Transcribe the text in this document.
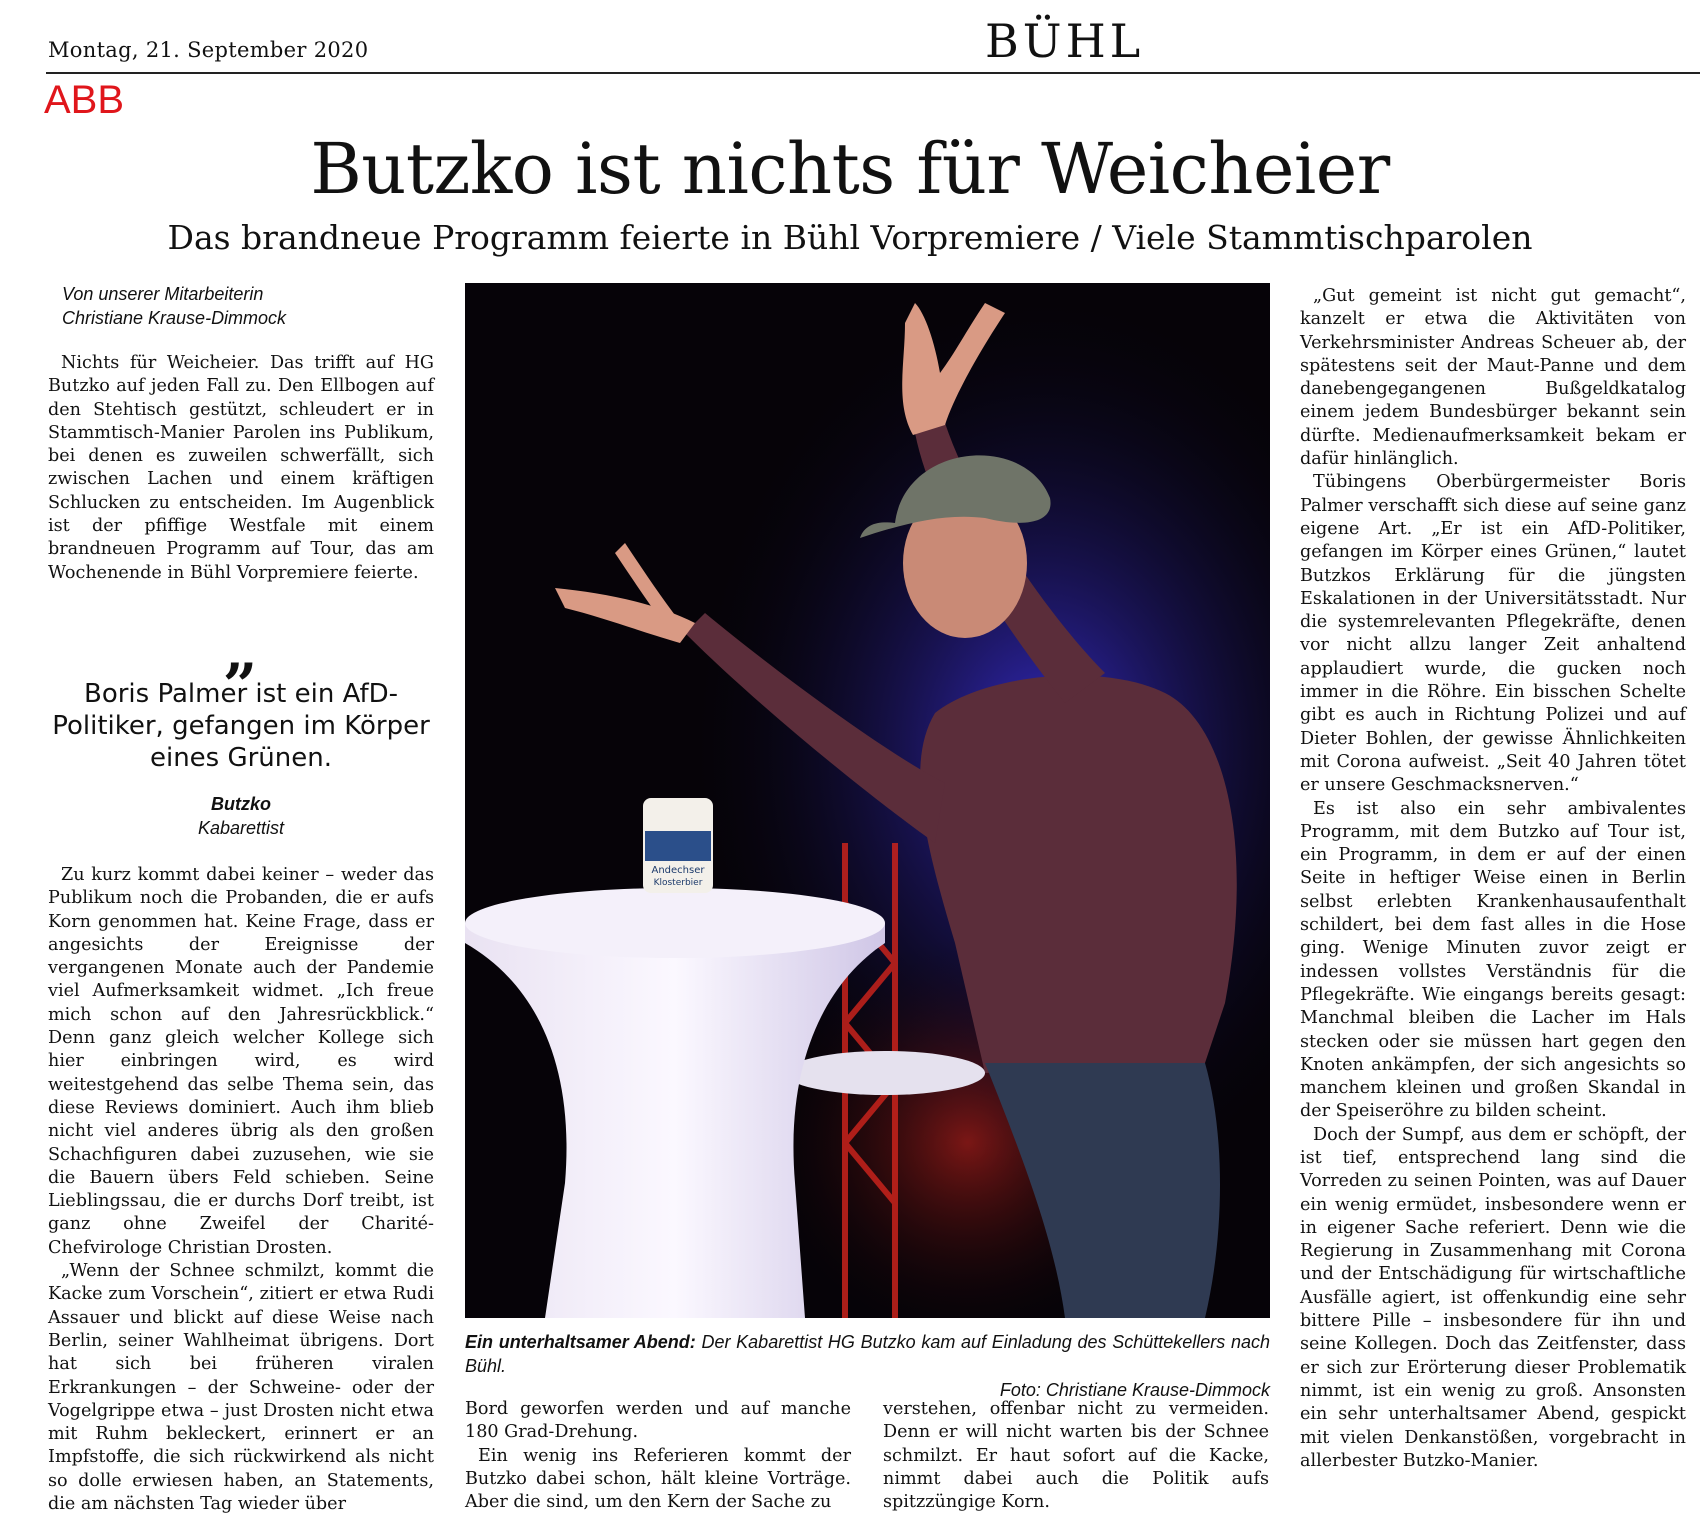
Montag, 21. September 2020	BÜHL
ABB
Butzko ist nichts für Weicheier
Das brandneue Programm feierte in Bühl Vorpremiere / Viele Stammtischparolen
Von unserer Mitarbeiterin
Christiane Krause-Dimmock

Nichts für Weicheier. Das trifft auf HG Butzko auf jeden Fall zu. Den Ellbogen auf den Stehtisch gestützt, schleudert er in Stammtisch-Manier Parolen ins Publikum, bei denen es zuweilen schwerfällt, sich zwischen Lachen und einem kräftigen Schlucken zu entscheiden. Im Augenblick ist der pfiffige Westfale mit einem brandneuen Programm auf Tour, das am Wochenende in Bühl Vorpremiere feierte.

„
Boris Palmer ist ein AfD-Politiker, gefangen im Körper eines Grünen.
Butzko
Kabarettist

Zu kurz kommt dabei keiner – weder das Publikum noch die Probanden, die er aufs Korn genommen hat. Keine Frage, dass er angesichts der Ereignisse der vergangenen Monate auch der Pandemie viel Aufmerksamkeit widmet. „Ich freue mich schon auf den Jahresrückblick.“ Denn ganz gleich welcher Kollege sich hier einbringen wird, es wird weitestgehend das selbe Thema sein, das diese Reviews dominiert. Auch ihm blieb nicht viel anderes übrig als den großen Schachfiguren dabei zuzusehen, wie sie die Bauern übers Feld schieben. Seine Lieblingssau, die er durchs Dorf treibt, ist ganz ohne Zweifel der Charité-Chefvirologe Christian Drosten.

„Wenn der Schnee schmilzt, kommt die Kacke zum Vorschein“, zitiert er etwa Rudi Assauer und blickt auf diese Weise nach Berlin, seiner Wahlheimat übrigens. Dort hat sich bei früheren viralen Erkrankungen – der Schweine- oder der Vogelgrippe etwa – just Drosten nicht etwa mit Ruhm bekleckert, erinnert er an Impfstoffe, die sich rückwirkend als nicht so dolle erwiesen haben, an Statements, die am nächsten Tag wieder über

Andechser
Klosterbier
Ein unterhaltsamer Abend: Der Kabarettist HG Butzko kam auf Einladung des Schüttekellers nach Bühl.
Foto: Christiane Krause-Dimmock

Bord geworfen werden und auf manche 180 Grad-Drehung.

Ein wenig ins Referieren kommt der Butzko dabei schon, hält kleine Vorträge. Aber die sind, um den Kern der Sache zu

verstehen, offenbar nicht zu vermeiden. Denn er will nicht warten bis der Schnee schmilzt. Er haut sofort auf die Kacke, nimmt dabei auch die Politik aufs spitzzüngige Korn.

„Gut gemeint ist nicht gut gemacht“, kanzelt er etwa die Aktivitäten von Verkehrsminister Andreas Scheuer ab, der spätestens seit der Maut-Panne und dem danebengegangenen Bußgeldkatalog einem jedem Bundesbürger bekannt sein dürfte. Medienaufmerksamkeit bekam er dafür hinlänglich.

Tübingens Oberbürgermeister Boris Palmer verschafft sich diese auf seine ganz eigene Art. „Er ist ein AfD-Politiker, gefangen im Körper eines Grünen,“ lautet Butzkos Erklärung für die jüngsten Eskalationen in der Universitätsstadt. Nur die systemrelevanten Pflegekräfte, denen vor nicht allzu langer Zeit anhaltend applaudiert wurde, die gucken noch immer in die Röhre. Ein bisschen Schelte gibt es auch in Richtung Polizei und auf Dieter Bohlen, der gewisse Ähnlichkeiten mit Corona aufweist. „Seit 40 Jahren tötet er unsere Geschmacksnerven.“

Es ist also ein sehr ambivalentes Programm, mit dem Butzko auf Tour ist, ein Programm, in dem er auf der einen Seite in heftiger Weise einen in Berlin selbst erlebten Krankenhausaufenthalt schildert, bei dem fast alles in die Hose ging. Wenige Minuten zuvor zeigt er indessen vollstes Verständnis für die Pflegekräfte. Wie eingangs bereits gesagt: Manchmal bleiben die Lacher im Hals stecken oder sie müssen hart gegen den Knoten ankämpfen, der sich angesichts so manchem kleinen und großen Skandal in der Speiseröhre zu bilden scheint.

Doch der Sumpf, aus dem er schöpft, der ist tief, entsprechend lang sind die Vorreden zu seinen Pointen, was auf Dauer ein wenig ermüdet, insbesondere wenn er in eigener Sache referiert. Denn wie die Regierung in Zusammenhang mit Corona und der Entschädigung für wirtschaftliche Ausfälle agiert, ist offenkundig eine sehr bittere Pille – insbesondere für ihn und seine Kollegen. Doch das Zeitfenster, dass er sich zur Erörterung dieser Problematik nimmt, ist ein wenig zu groß. Ansonsten ein sehr unterhaltsamer Abend, gespickt mit vielen Denkanstößen, vorgebracht in allerbester Butzko-Manier.
